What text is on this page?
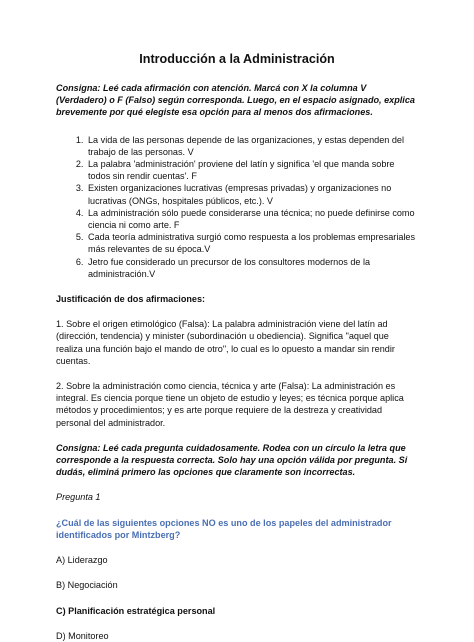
Introducción a la Administración

Consigna: Leé cada afirmación con atención. Marcá con X la columna V (Verdadero) o F (Falso) según corresponda. Luego, en el espacio asignado, explica brevemente por qué elegiste esa opción para al menos dos afirmaciones.

1. La vida de las personas depende de las organizaciones, y estas dependen del trabajo de las personas. V
2. La palabra 'administración' proviene del latín y significa 'el que manda sobre todos sin rendir cuentas'. F
3. Existen organizaciones lucrativas (empresas privadas) y organizaciones no lucrativas (ONGs, hospitales públicos, etc.). V
4. La administración sólo puede considerarse una técnica; no puede definirse como ciencia ni como arte. F
5. Cada teoría administrativa surgió como respuesta a los problemas empresariales más relevantes de su época.V
6. Jetro fue considerado un precursor de los consultores modernos de la administración.V

Justificación de dos afirmaciones:

1. Sobre el origen etimológico (Falsa): La palabra administración viene del latín ad (dirección, tendencia) y minister (subordinación u obediencia). Significa "aquel que realiza una función bajo el mando de otro", lo cual es lo opuesto a mandar sin rendir cuentas.

2. Sobre la administración como ciencia, técnica y arte (Falsa): La administración es integral. Es ciencia porque tiene un objeto de estudio y leyes; es técnica porque aplica métodos y procedimientos; y es arte porque requiere de la destreza y creatividad personal del administrador.

Consigna: Leé cada pregunta cuidadosamente. Rodea con un círculo la letra que corresponde a la respuesta correcta. Solo hay una opción válida por pregunta. Si dudás, eliminá primero las opciones que claramente son incorrectas.

Pregunta 1

¿Cuál de las siguientes opciones NO es uno de los papeles del administrador identificados por Mintzberg?

A) Liderazgo

B) Negociación

C) Planificación estratégica personal

D) Monitoreo
